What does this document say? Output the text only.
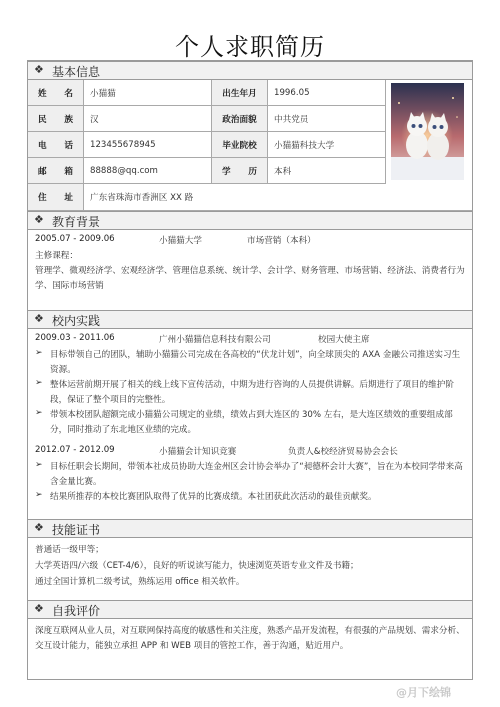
个人求职简历
❖ 基本信息
姓 名	小猫猫	出生年月	1996.05
民 族	汉	政治面貌	中共党员
电 话	123455678945	毕业院校	小猫猫科技大学
邮 箱	88888@qq.com	学 历	本科
住 址	广东省珠海市香洲区 XX 路
❖ 教育背景
2005.07 - 2009.06	小猫猫大学	市场营销（本科）
主修课程：
管理学、微观经济学、宏观经济学、管理信息系统、统计学、会计学、财务管理、市场营销、经济法、消费者行为学、国际市场营销
❖ 校内实践
2009.03 - 2011.06	广州小猫猫信息科技有限公司	校园大使主席
➢ 目标带领自己的团队，辅助小猫猫公司完成在各高校的“伏龙计划”，向全球顶尖的 AXA 金融公司推送实习生资源。
➢ 整体运营前期开展了相关的线上线下宣传活动，中期为进行咨询的人员提供讲解。后期进行了项目的维护阶段，保证了整个项目的完整性。
➢ 带领本校团队超额完成小猫猫公司规定的业绩，绩效占到大连区的 30% 左右，是大连区绩效的重要组成部分，同时推动了东北地区业绩的完成。
2012.07 - 2012.09	小猫猫会计知识竞赛	负责人&校经济贸易协会会长
➢ 目标任职会长期间，带领本社成员协助大连金州区会计协会举办了“昶德杯会计大赛”，旨在为本校同学带来高含金量比赛。
➢ 结果所推荐的本校比赛团队取得了优异的比赛成绩。本社团获此次活动的最佳贡献奖。
❖ 技能证书
普通话一级甲等；
大学英语四/六级（CET-4/6），良好的听说读写能力，快速浏览英语专业文件及书籍；
通过全国计算机二级考试，熟练运用 office 相关软件。
❖ 自我评价
深度互联网从业人员，对互联网保持高度的敏感性和关注度，熟悉产品开发流程，有很强的产品规划、需求分析、交互设计能力，能独立承担 APP 和 WEB 项目的管控工作，善于沟通，贴近用户。
@月下绘锦
